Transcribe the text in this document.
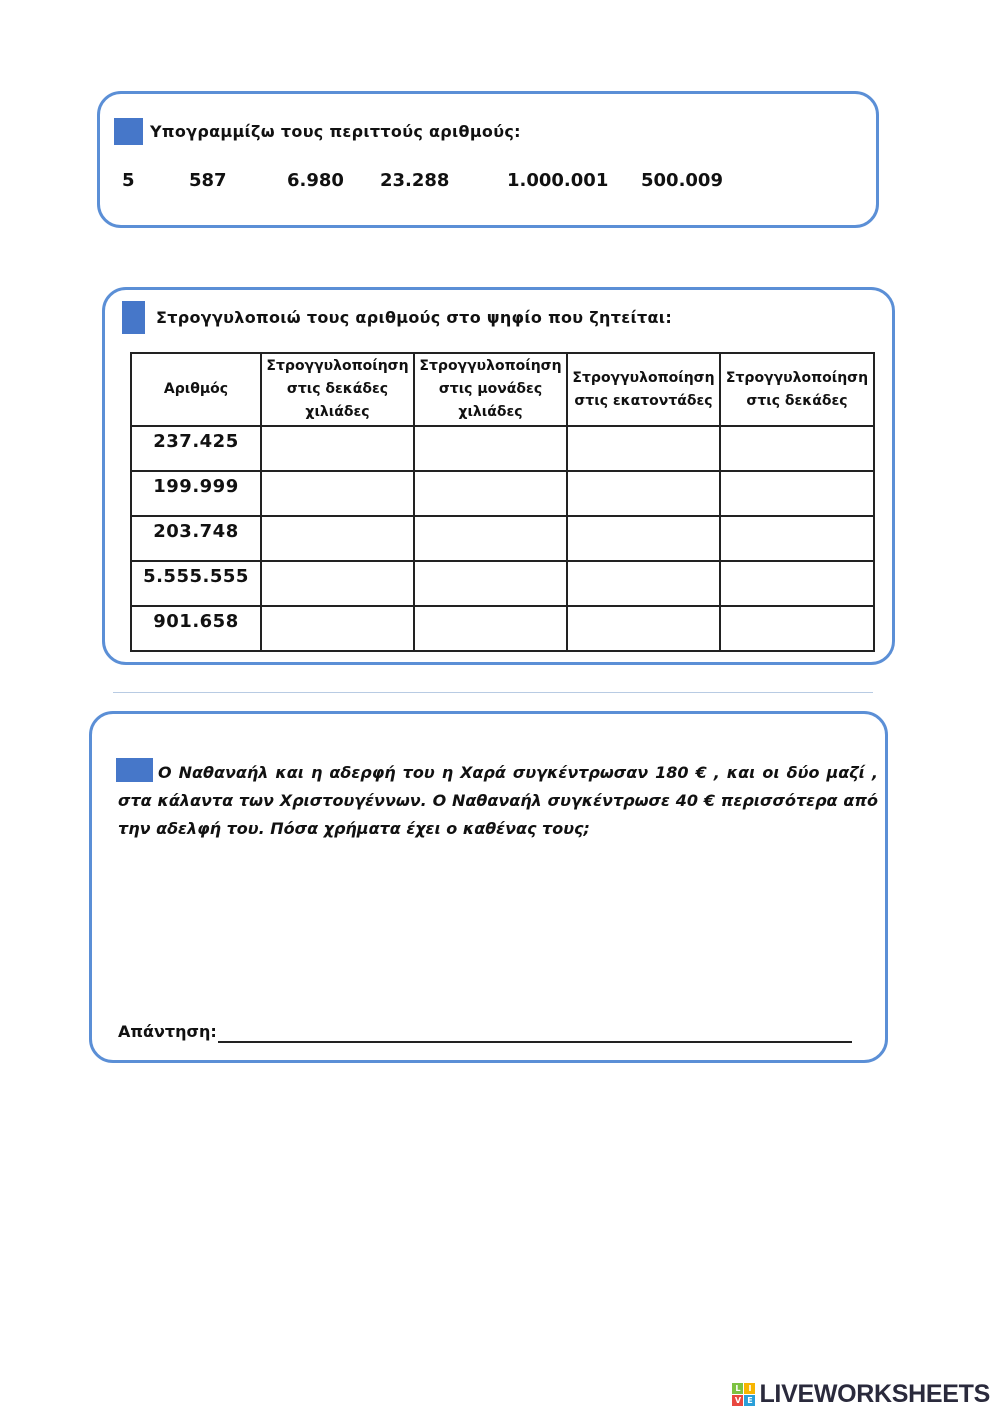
Υπογραμμίζω τους περιττούς αριθμούς:
5	587	6.980 23.288	1.000.001 500.009
Στρογγυλοποιώ τους αριθμούς στο ψηφίο που ζητείται:
Αριθμός	Στρογγυλοποίηση στις δεκάδες χιλιάδες	Στρογγυλοποίηση στις μονάδες χιλιάδες	Στρογγυλοποίηση στις εκατοντάδες	Στρογγυλοποίηση στις δεκάδες
237.425				
199.999				
203.748				
5.555.555				
901.658				
Ο Ναθαναήλ και η αδερφή του η Χαρά συγκέντρωσαν 180 € , και οι δύο μαζί , στα κάλαντα των Χριστουγέννων. Ο Ναθαναήλ συγκέντρωσε 40 € περισσότερα από την αδελφή του. Πόσα χρήματα έχει ο καθένας τους;
Απάντηση:
L I
V E LIVEWORKSHEETS
